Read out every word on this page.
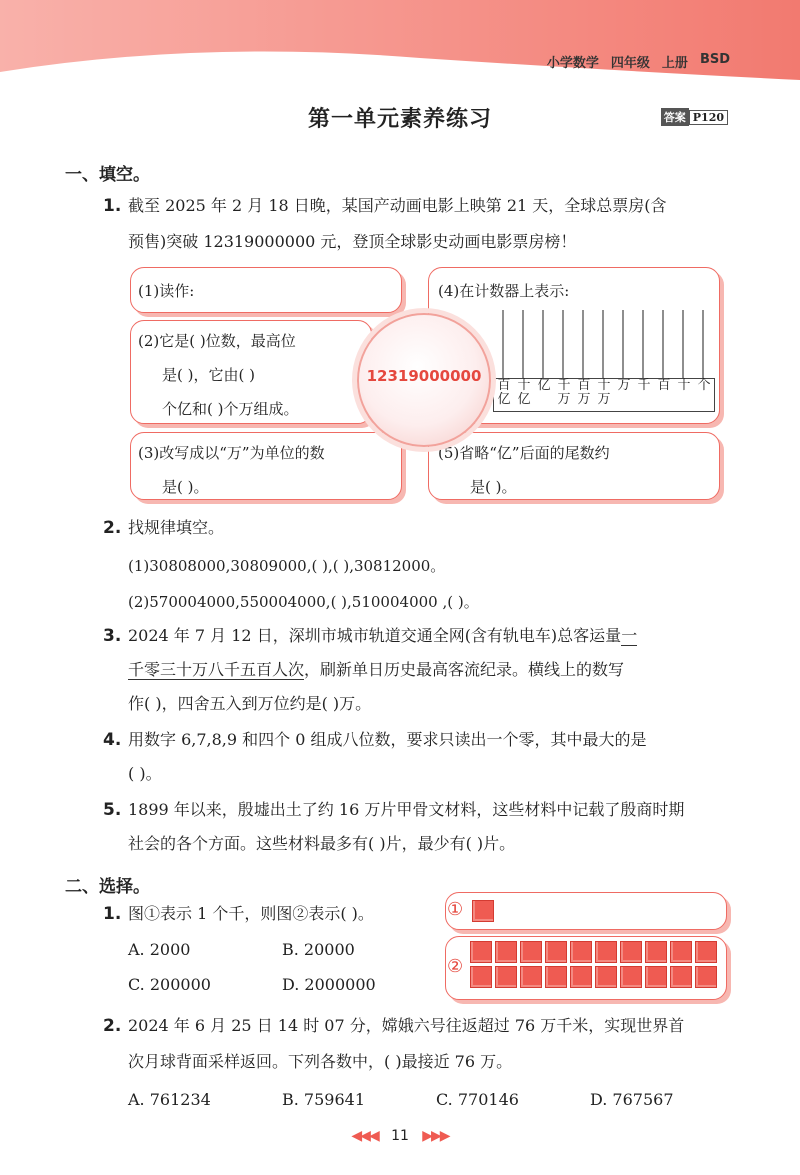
小学数学 四年级 上册 BSD
第一单元素养练习	答案 P120
一、填空。
1. 截至 2025 年 2 月 18 日晚，某国产动画电影上映第 21 天，全球总票房(含
预售)突破 12319000000 元，登顶全球影史动画电影票房榜！
(1)读作:
(2)它是( )位数，最高位
是( )，它由( )
个亿和( )个万组成。
(3)改写成以“万”为单位的数
是( )。
(4)在计数器上表示:
百亿
十亿
亿 千万
百万
十万
万 千 百 十 个
(5)省略“亿”后面的尾数约
是( )。
12319000000
2. 找规律填空。
(1)30808000,30809000,( ),( ),30812000。
(2)570004000,550004000,( ),510004000 ,( )。
3. 2024 年 7 月 12 日，深圳市城市轨道交通全网(含有轨电车)总客运量一
千零三十万八千五百人次，刷新单日历史最高客流纪录。横线上的数写
作( )，四舍五入到万位约是( )万。
4. 用数字 6,7,8,9 和四个 0 组成八位数，要求只读出一个零，其中最大的是
( )。
5. 1899 年以来，殷墟出土了约 16 万片甲骨文材料，这些材料中记载了殷商时期
社会的各个方面。这些材料最多有( )片，最少有( )片。
二、选择。
1. 图①表示 1 个千，则图②表示( )。
A. 2000	B. 20000
C. 200000	D. 2000000
①
②
2. 2024 年 6 月 25 日 14 时 07 分，嫦娥六号往返超过 76 万千米，实现世界首
次月球背面采样返回。下列各数中，( )最接近 76 万。
A. 761234	B. 759641	C. 770146	D. 767567
◀◀◀ 11 ▶▶▶
